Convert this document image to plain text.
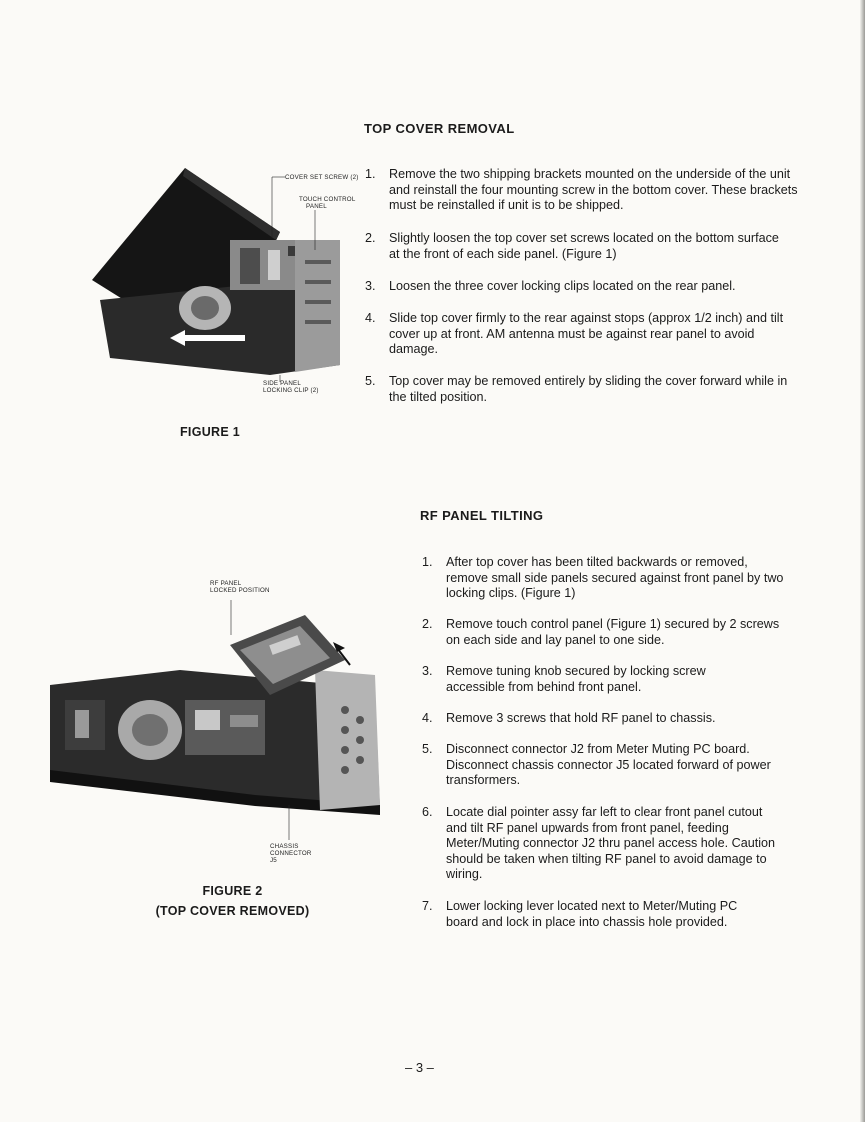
TOP COVER REMOVAL
1. Remove the two shipping brackets mounted on the underside of the unit and reinstall the four mounting screw in the bottom cover. These brackets must be reinstalled if unit is to be shipped.
2. Slightly loosen the top cover set screws located on the bottom surface at the front of each side panel. (Figure 1)
3. Loosen the three cover locking clips located on the rear panel.
4. Slide top cover firmly to the rear against stops (approx 1/2 inch) and tilt cover up at front. AM antenna must be against rear panel to avoid damage.
5. Top cover may be removed entirely by sliding the cover forward while in the tilted position.
COVER SET SCREW (2)
TOUCH CONTROL
PANEL
SIDE PANEL
LOCKING CLIP (2)
FIGURE 1
RF PANEL TILTING
1. After top cover has been tilted backwards or removed, remove small side panels secured against front panel by two locking clips. (Figure 1)
2. Remove touch control panel (Figure 1) secured by 2 screws on each side and lay panel to one side.
3. Remove tuning knob secured by locking screw accessible from behind front panel.
4. Remove 3 screws that hold RF panel to chassis.
5. Disconnect connector J2 from Meter Muting PC board. Disconnect chassis connector J5 located forward of power transformers.
6. Locate dial pointer assy far left to clear front panel cutout and tilt RF panel upwards from front panel, feeding Meter/Muting connector J2 thru panel access hole. Caution should be taken when tilting RF panel to avoid damage to wiring.
7. Lower locking lever located next to Meter/Muting PC board and lock in place into chassis hole provided.
RF PANEL
LOCKED POSITION
CHASSIS
CONNECTOR
J5
FIGURE 2
(TOP COVER REMOVED)
– 3 –
